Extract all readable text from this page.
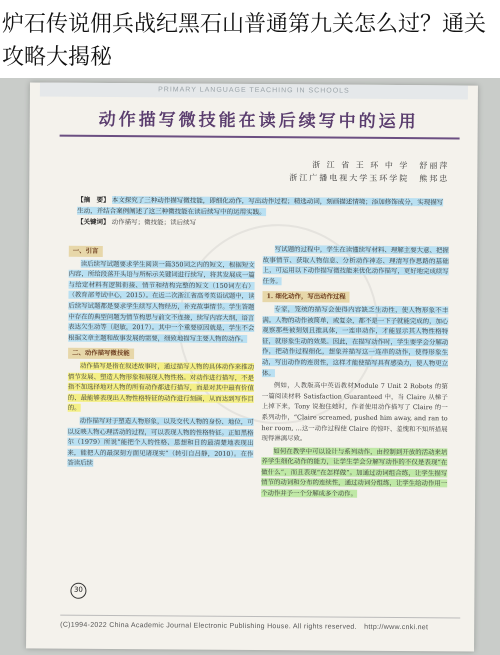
炉石传说佣兵战纪黑石山普通第九关怎么过？通关攻略大揭秘
PRIMARY LANGUAGE TEACHING IN SCHOOLS
动作描写微技能在读后续写中的运用
浙 江 省 王 环 中 学　舒丽萍
浙江广播电视大学玉环学院　熊邦忠
【摘　要】 本文探究了三种动作描写微技能，即细化动作，写出动作过程；精选动词，刻画描述情境；添加修饰成分，实现描写生动，并结合案例阐述了这三种微技能在读后续写中的运用实践。
【关键词】 动作描写；微技能；读后续写
一、引言

读后续写试题要求学生阅读一篇350词之内的短文，根据短文内容，所给段落开头语与所标示关键词进行续写，将其发展成一篇与给定材料有逻辑衔接、情节和结构完整的短文（150词左右）（教育部考试中心，2015）。在近二次浙江省高考英语试题中，读后续写试题都是要求学生续写人物经历，补充故事情节。学生答题中存在的典型问题为情节构思与前文不连接，续写内容大纲，语言表达欠生动等（赵敏，2017）。其中一个重要原因就是，学生不会根据文章主题和故事发展的需要，细致地描写主要人物的动作。

二、动作描写微技能

动作描写是指在叙述故事时，通过描写人物的具体动作来推动情节发展、塑造人物形象和展现人物性格。对动作进行描写，不是指不加选择地对人物的所有动作都进行描写，而是对其中最有价值的、最能够表现出人物性格特征的动作进行刻画，从而达到写作目的。

动作描写对于塑造人物形象，以及交代人物的身份、地位，可以反映人物心理活动的过程，可以表现人物的性格特征。正如黑格尔（1979）所说“能把个人的性格、思想和目的最清楚地表现出来，能把人的最深刻方面见诸现实”（转引自吕静，2010）。在作答读后续

写试题的过程中，学生在读懂续写材料、理解主要大意、把握故事情节、获取人物信息、分析动作神态、理清写作思路的基础上，可运用以下动作描写微技能来优化动作描写，更好地完成续写任务。

1. 细化动作，写出动作过程

专家，笼统的描写会使得内容缺乏生动性，使人物形象不丰满。人物的动作被简单，或复杂，都不是一下子就能完成的，加心观察那些被刻划且推具体，一连串动作，才能显示其人物性格特征，就形象生动的效果。因此，在描写动作时，学生要学会分解动作，把动作过程细化，想象并描写这一连串的动作，使得形象生动，写出动作的连贯性，这样才能使描写具有感染力，使人物更立体。

例如，人教版高中英语教材Module 7 Unit 2 Robots 的第一篇阅读材料 Satisfaction Guaranteed 中，当 Claire 从梯子上掉下来，Tony 说抱住她时，作者使用动作描写了 Claire 的一系列动作，“Claire screamed, pushed him away, and ran to her room, …这一动作过程使 Claire 的惊吓、羞愧和不知所措展现得淋漓尽致。

如何在教学中可以设计与系列动作，由控制到开放的活动来培养学生细化动作的能力，让学生学会分解写动作的不仅是表现“在做什么”，而且表现“在怎样做”。加通过动词组合练，让学生描写情节的动词和分布的连续性，通过动词分组练，让学生给动作用一个动作并予一个分解成多个动作。

30
(C)1994-2022 China Academic Journal Electronic Publishing House. All rights reserved.　http://www.cnki.net
